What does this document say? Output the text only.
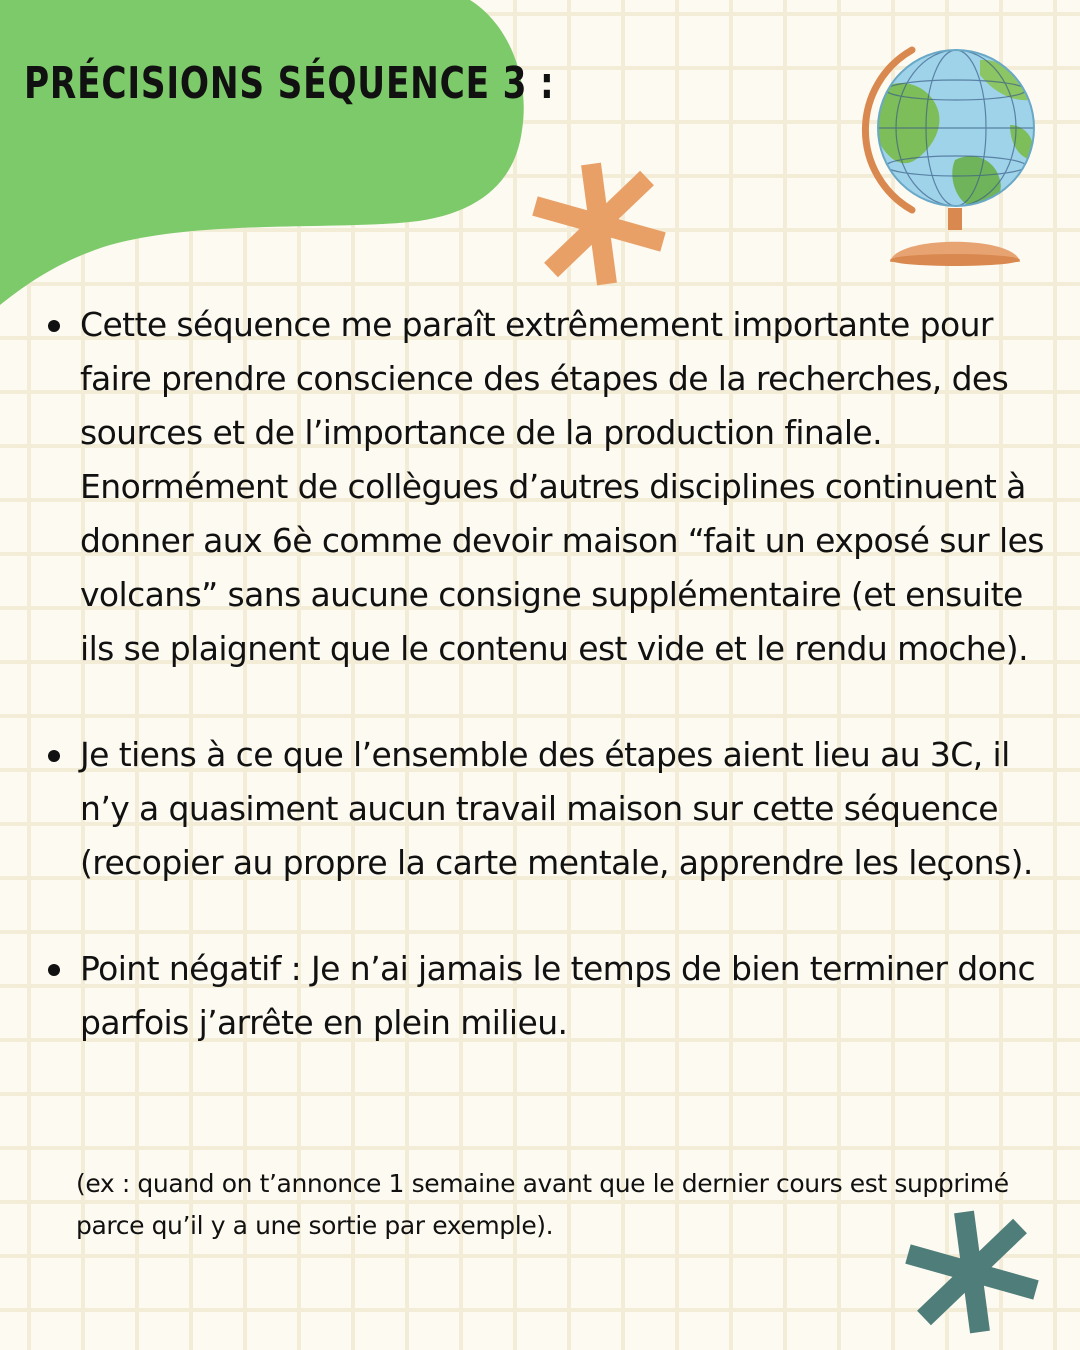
PRÉCISIONS SÉQUENCE 3 :
Cette séquence me paraît extrêmement importante pour faire prendre conscience des étapes de la recherches, des sources et de l’importance de la production finale. Enormément de collègues d’autres disciplines continuent à donner aux 6è comme devoir maison “fait un exposé sur les volcans” sans aucune consigne supplémentaire (et ensuite ils se plaignent que le contenu est vide et le rendu moche).
Je tiens à ce que l’ensemble des étapes aient lieu au 3C, il n’y a quasiment aucun travail maison sur cette séquence (recopier au propre la carte mentale, apprendre les leçons).
Point négatif : Je n’ai jamais le temps de bien terminer donc parfois j’arrête en plein milieu.

(ex : quand on t’annonce 1 semaine avant que le dernier cours est supprimé parce qu’il y a une sortie par exemple).
